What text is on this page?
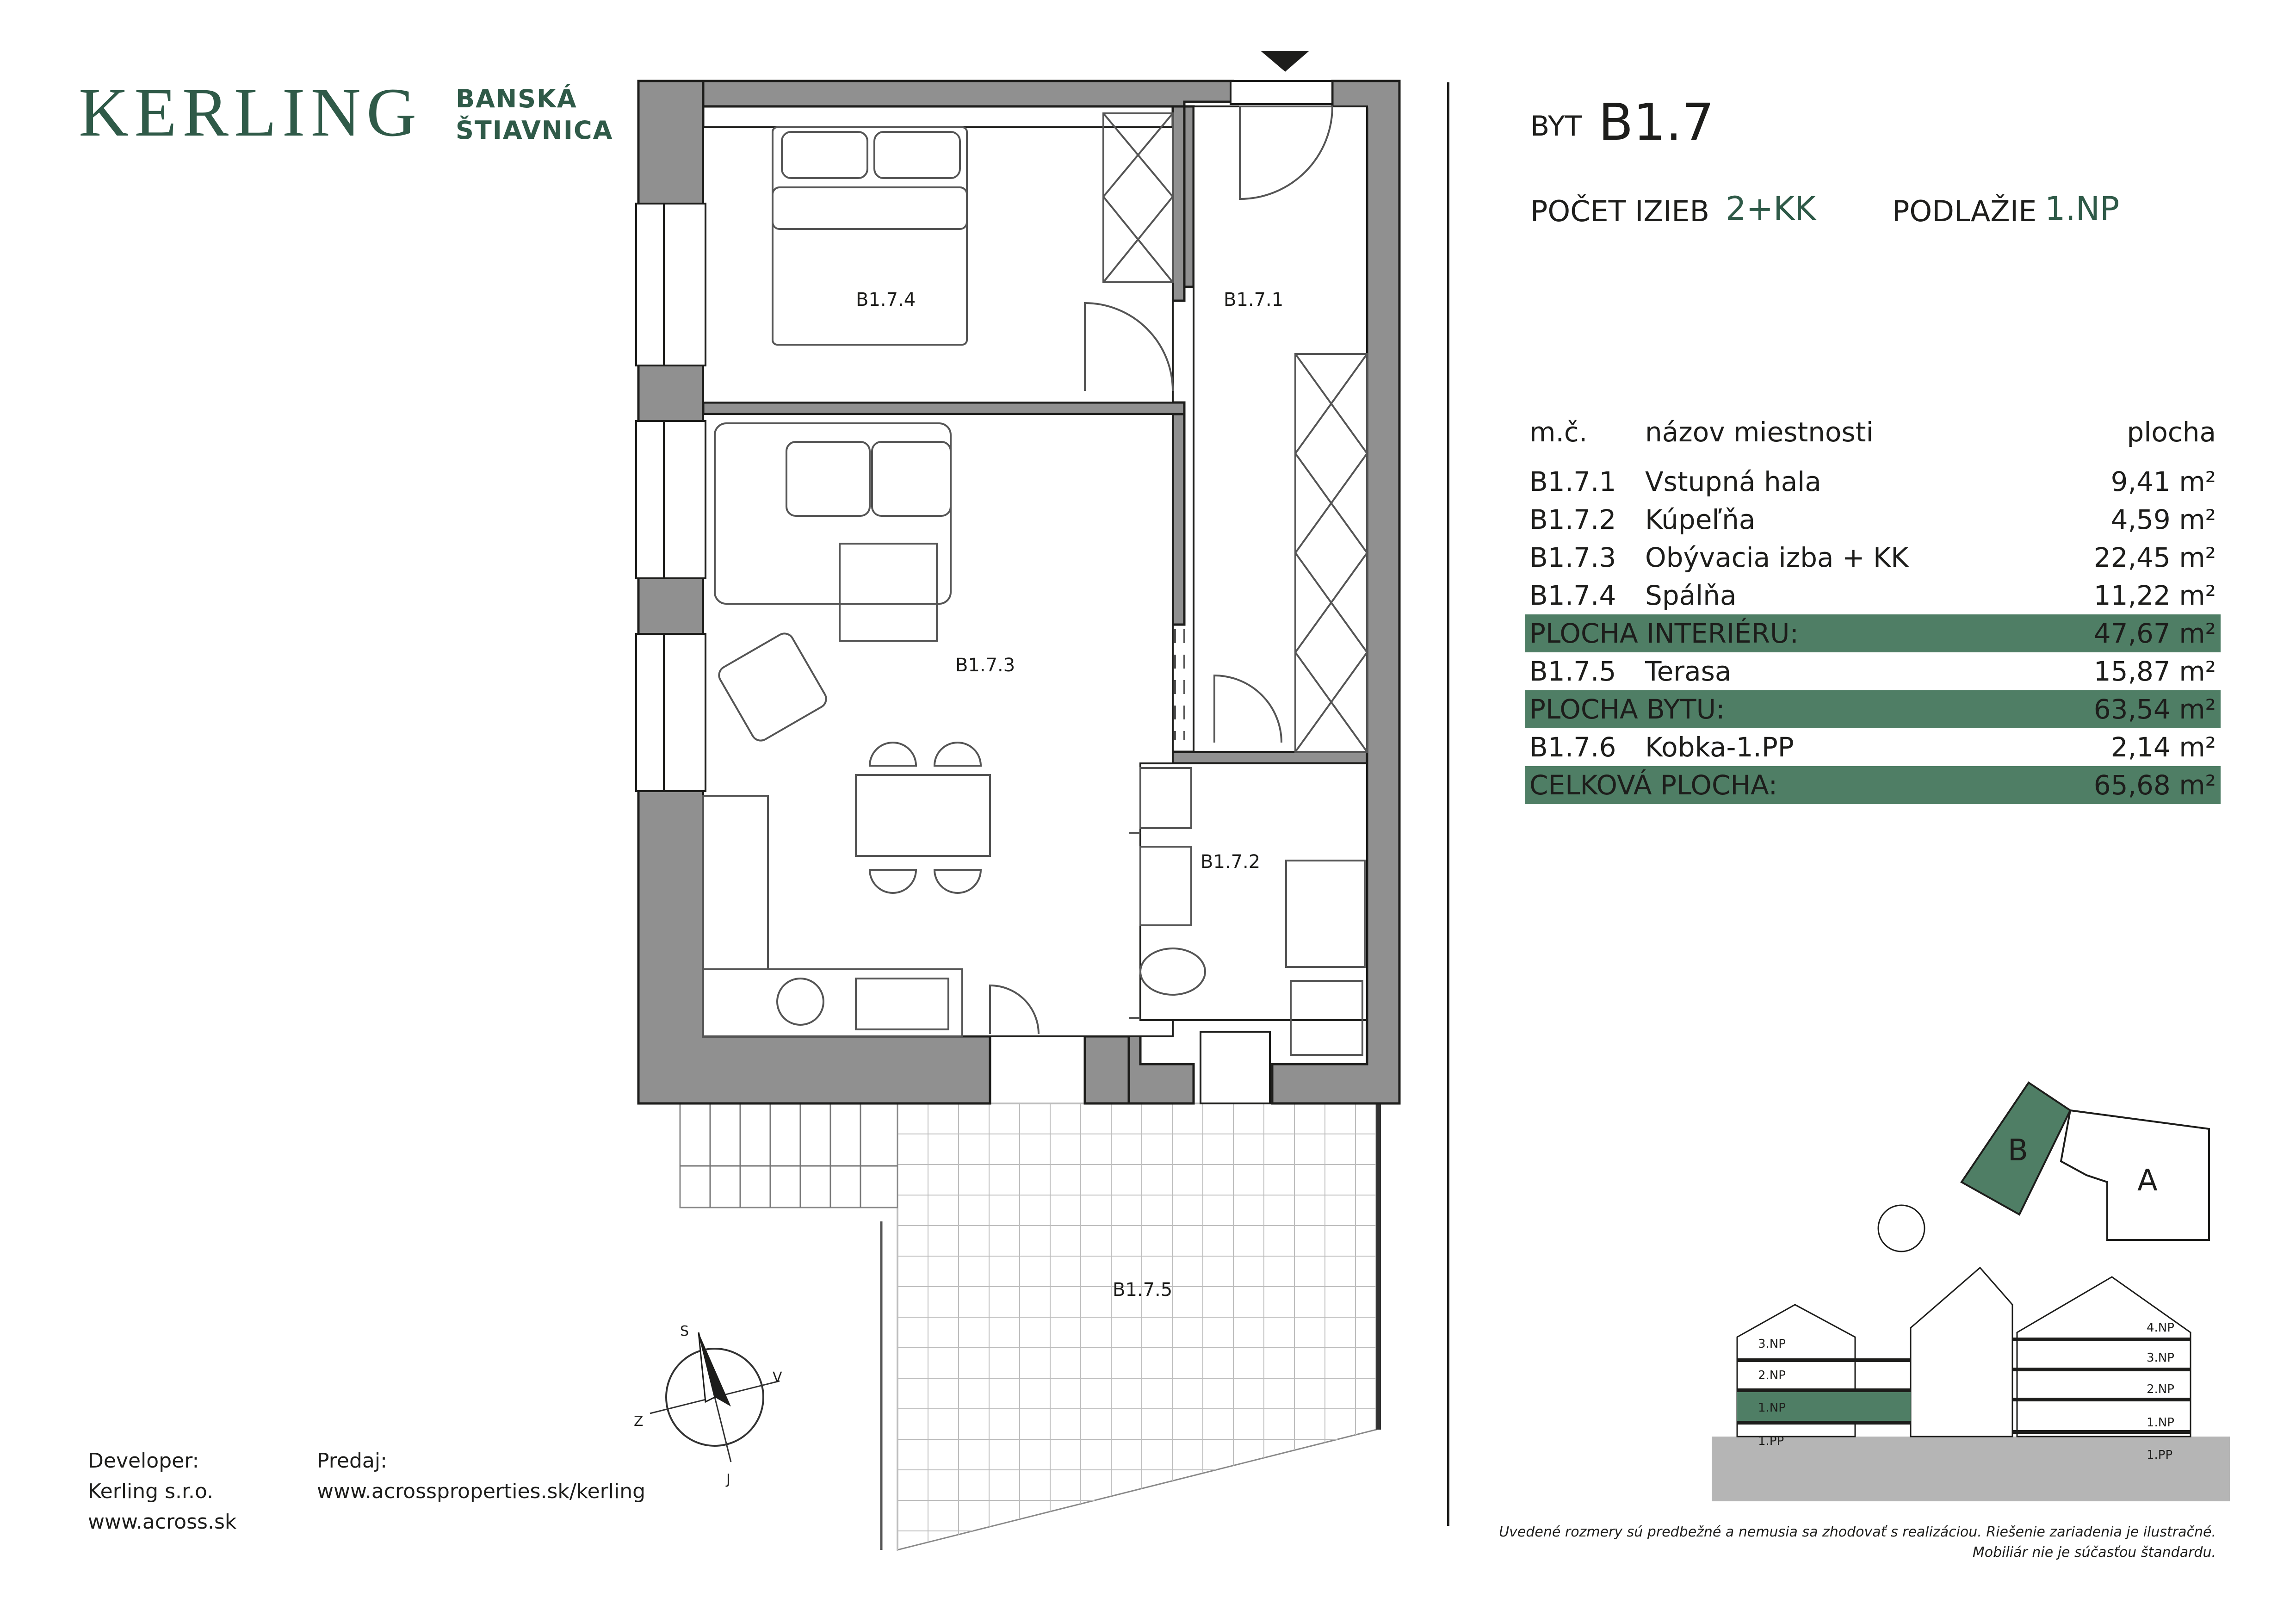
KERLING BANSKÁ
ŠTIAVNICA	BYT B1.7
POČET IZIEB 2+KK	PODLAŽIE 1.NP
m.č.	názov miestnosti	plocha
B1.7.1	Vstupná hala	9,41 m²
B1.7.2	Kúpeľňa	4,59 m²
B1.7.3	Obývacia izba + KK	22,45 m²
B1.7.4	Spálňa	11,22 m²
PLOCHA INTERIÉRU:		47,67 m²
B1.7.5	Terasa	15,87 m²
PLOCHA BYTU:		63,54 m²
B1.7.6	Kobka-1.PP	2,14 m²
CELKOVÁ PLOCHA:		65,68 m²
B1.7.4	B1.7.1
B1.7.3
B1.7.2
B1.7.5
S
V
Z
J
B
A
3.NP
2.NP
1.NP
1.PP
4.NP
3.NP
2.NP
1.NP
1.PP
Developer:
Kerling s.r.o.
www.across.sk
Predaj:
www.acrossproperties.sk/kerling
Uvedené rozmery sú predbežné a nemusia sa zhodovať s realizáciou. Riešenie zariadenia je ilustračné.
Mobiliár nie je súčasťou štandardu.
